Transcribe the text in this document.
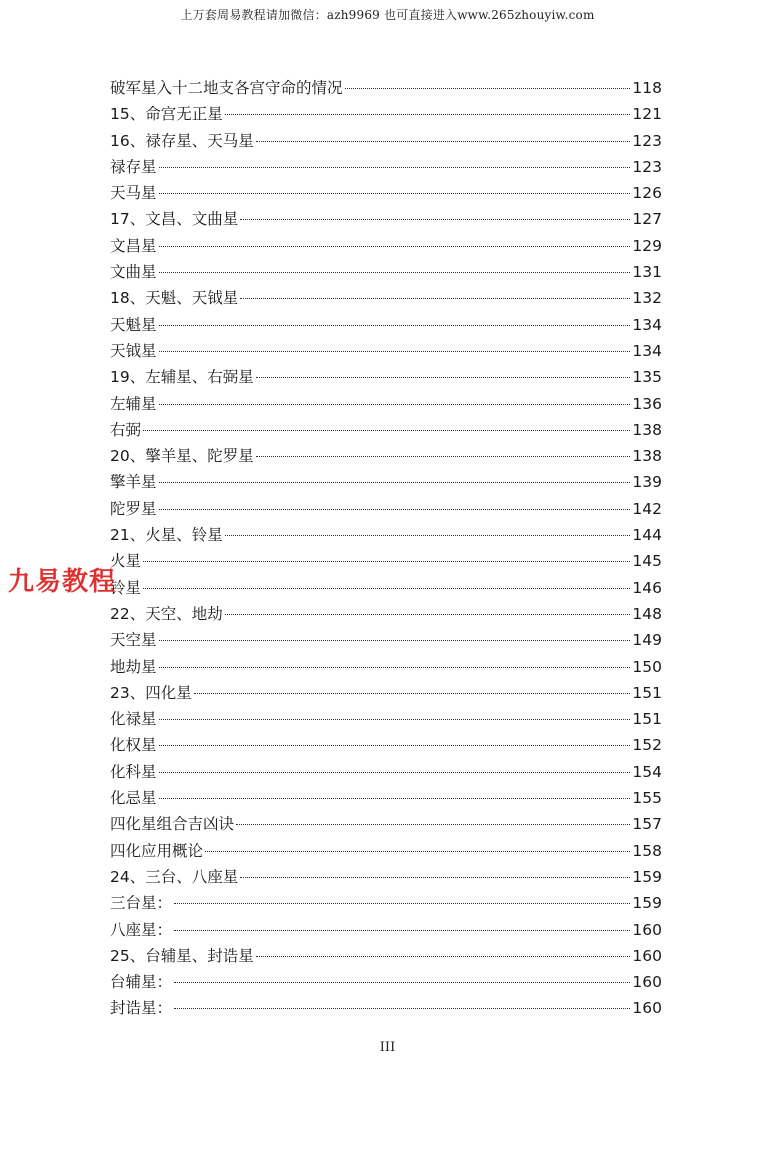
上万套周易教程请加微信：azh9969 也可直接进入www.265zhouyiw.com
破军星入十二地支各宫守命的情况	118
15、命宫无正星	121
16、禄存星、天马星	123
禄存星	123
天马星	126
17、文昌、文曲星	127
文昌星	129
文曲星	131
18、天魁、天钺星	132
天魁星	134
天钺星	134
19、左辅星、右弼星	135
左辅星	136
右弼	138
20、擎羊星、陀罗星	138
擎羊星	139
陀罗星	142
21、火星、铃星	144
火星	145
铃星	146
22、天空、地劫	148
天空星	149
地劫星	150
23、四化星	151
化禄星	151
化权星	152
化科星	154
化忌星	155
四化星组合吉凶诀	157
四化应用概论	158
24、三台、八座星	159
三台星：	159
八座星：	160
25、台辅星、封诰星	160
台辅星：	160
封诰星：	160
九易教程
III
